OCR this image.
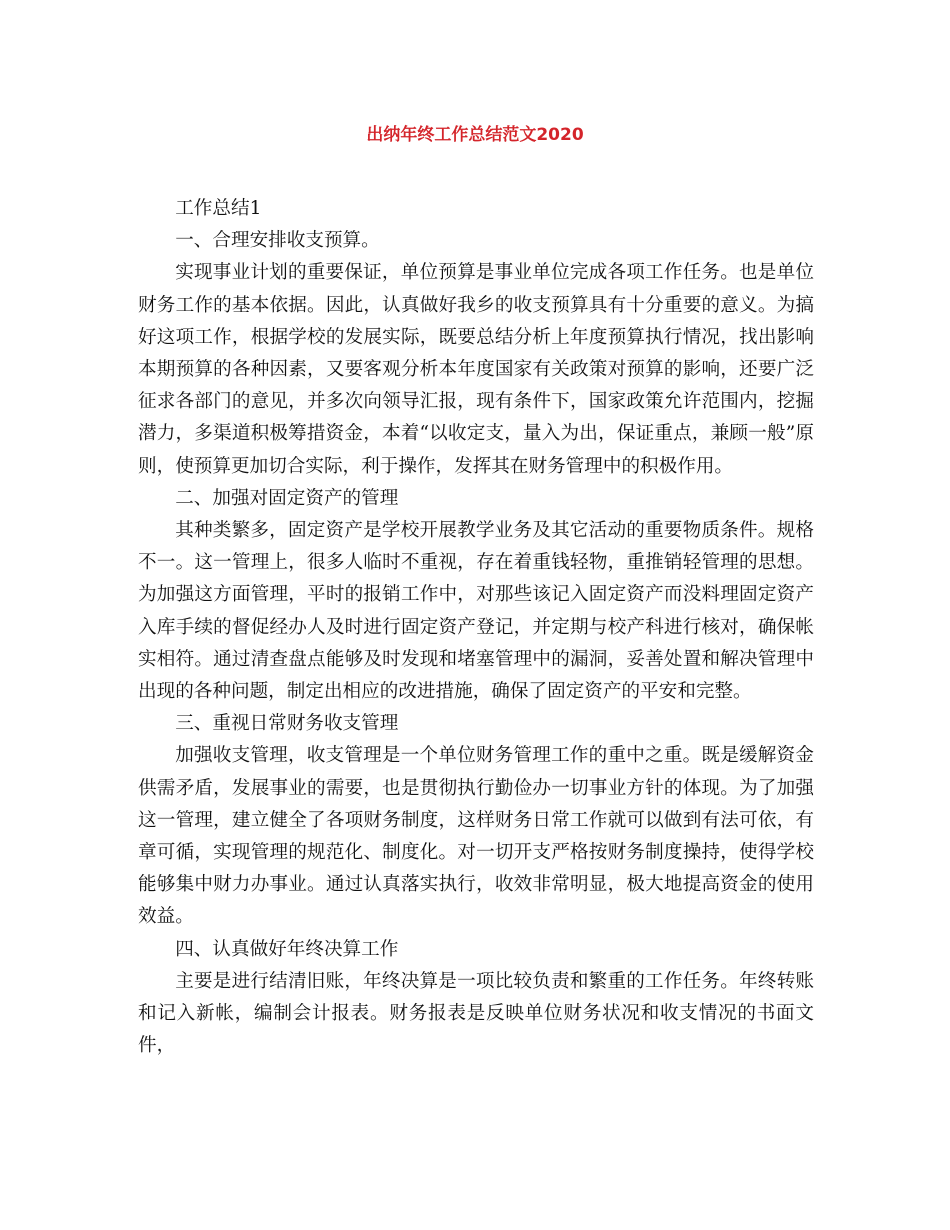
出纳年终工作总结范文2020

工作总结1

一、合理安排收支预算。

实现事业计划的重要保证，单位预算是事业单位完成各项工作任务。也是单位财务工作的基本依据。因此，认真做好我乡的收支预算具有十分重要的意义。为搞好这项工作，根据学校的发展实际，既要总结分析上年度预算执行情况，找出影响本期预算的各种因素，又要客观分析本年度国家有关政策对预算的影响，还要广泛征求各部门的意见，并多次向领导汇报，现有条件下，国家政策允许范围内，挖掘潜力，多渠道积极筹措资金，本着“以收定支，量入为出，保证重点，兼顾一般”原则，使预算更加切合实际，利于操作，发挥其在财务管理中的积极作用。

二、加强对固定资产的管理

其种类繁多，固定资产是学校开展教学业务及其它活动的重要物质条件。规格不一。这一管理上，很多人临时不重视，存在着重钱轻物，重推销轻管理的思想。为加强这方面管理，平时的报销工作中，对那些该记入固定资产而没料理固定资产入库手续的督促经办人及时进行固定资产登记，并定期与校产科进行核对，确保帐实相符。通过清查盘点能够及时发现和堵塞管理中的漏洞，妥善处置和解决管理中出现的各种问题，制定出相应的改进措施，确保了固定资产的平安和完整。

三、重视日常财务收支管理

加强收支管理，收支管理是一个单位财务管理工作的重中之重。既是缓解资金供需矛盾，发展事业的需要，也是贯彻执行勤俭办一切事业方针的体现。为了加强这一管理，建立健全了各项财务制度，这样财务日常工作就可以做到有法可依，有章可循，实现管理的规范化、制度化。对一切开支严格按财务制度操持，使得学校能够集中财力办事业。通过认真落实执行，收效非常明显，极大地提高资金的使用效益。

四、认真做好年终决算工作

主要是进行结清旧账，年终决算是一项比较负责和繁重的工作任务。年终转账和记入新帐，编制会计报表。财务报表是反映单位财务状况和收支情况的书面文件，
